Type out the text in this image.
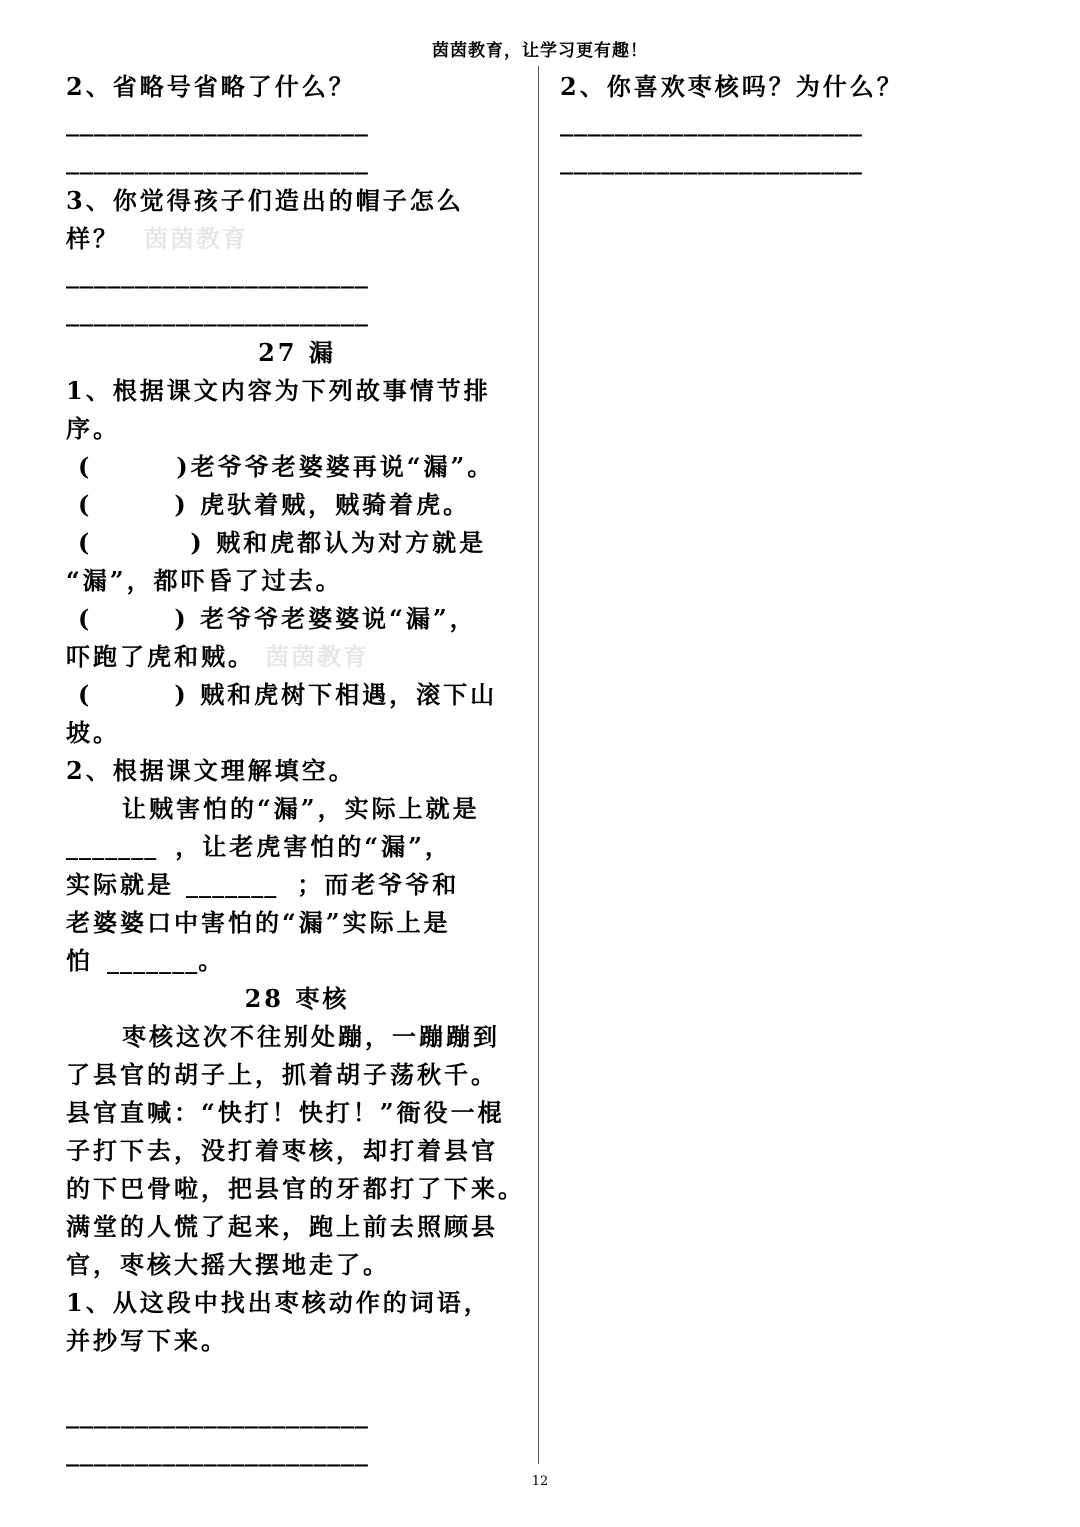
茵茵教育，让学习更有趣！
2、省略号省略了什么？
______________________
______________________
3、你觉得孩子们造出的帽子怎么
样？ 茵茵教育
______________________
______________________
27 漏
1、根据课文内容为下列故事情节排
序。
(	)老爷爷老婆婆再说“漏”。
(	) 虎驮着贼，贼骑着虎。
(	) 贼和虎都认为对方就是
“漏”，都吓昏了过去。
(	) 老爷爷老婆婆说“漏”，
吓跑了虎和贼。 茵茵教育
(	) 贼和虎树下相遇，滚下山
坡。
2、根据课文理解填空。
让贼害怕的“漏”，实际上就是
_______ ，让老虎害怕的“漏”，
实际就是 _______ ；而老爷爷和
老婆婆口中害怕的“漏”实际上是
怕 _______。
28 枣核
枣核这次不往别处蹦，一蹦蹦到
了县官的胡子上，抓着胡子荡秋千。
县官直喊：“快打！快打！”衙役一棍
子打下去，没打着枣核，却打着县官
的下巴骨啦，把县官的牙都打了下来。
满堂的人慌了起来，跑上前去照顾县
官，枣核大摇大摆地走了。
1、从这段中找出枣核动作的词语，
并抄写下来。
______________________
______________________
2、你喜欢枣核吗？为什么？
______________________
______________________
12
